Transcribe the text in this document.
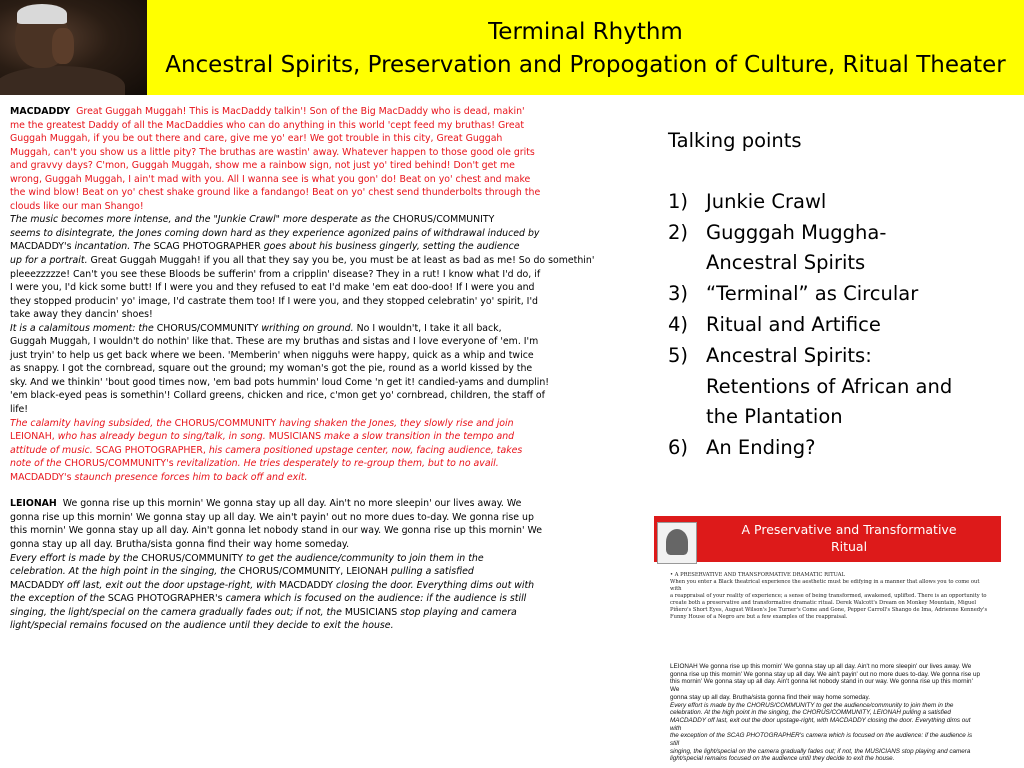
Terminal Rhythm
Ancestral Spirits, Preservation and Propogation of Culture, Ritual Theater

MACDADDY Great Guggah Muggah! This is MacDaddy talkin'! Son of the Big MacDaddy who is dead, makin'

me the greatest Daddy of all the MacDaddies who can do anything in this world 'cept feed my bruthas! Great

Guggah Muggah, if you be out there and care, give me yo' ear! We got trouble in this city, Great Guggah

Muggah, can't you show us a little pity? The bruthas are wastin' away. Whatever happen to those good ole grits

and gravvy days? C'mon, Guggah Muggah, show me a rainbow sign, not just yo' tired behind! Don't get me

wrong, Guggah Muggah, I ain't mad with you. All I wanna see is what you gon' do! Beat on yo' chest and make

the wind blow! Beat on yo' chest shake ground like a fandango! Beat on yo' chest send thunderbolts through the

clouds like our man Shango!

The music becomes more intense, and the "Junkie Crawl" more desperate as the CHORUS/COMMUNITY

seems to disintegrate, the Jones coming down hard as they experience agonized pains of withdrawal induced by

MACDADDY's incantation. The SCAG PHOTOGRAPHER goes about his business gingerly, setting the audience

up for a portrait. Great Guggah Muggah! if you all that they say you be, you must be at least as bad as me! So do somethin'

pleeezzzzze! Can't you see these Bloods be sufferin' from a cripplin' disease? They in a rut! I know what I'd do, if

I were you, I'd kick some butt! If I were you and they refused to eat I'd make 'em eat doo-doo! If I were you and

they stopped producin' yo' image, I'd castrate them too! If I were you, and they stopped celebratin' yo' spirit, I'd

take away they dancin' shoes!

It is a calamitous moment: the CHORUS/COMMUNITY writhing on ground. No I wouldn't, I take it all back,

Guggah Muggah, I wouldn't do nothin' like that. These are my bruthas and sistas and I love everyone of 'em. I'm

just tryin' to help us get back where we been. 'Memberin' when nigguhs were happy, quick as a whip and twice

as snappy. I got the cornbread, square out the ground; my woman's got the pie, round as a world kissed by the

sky. And we thinkin' 'bout good times now, 'em bad pots hummin' loud Come 'n get it! candied-yams and dumplin!

'em black-eyed peas is somethin'! Collard greens, chicken and rice, c'mon get yo' cornbread, children, the staff of

life!

The calamity having subsided, the CHORUS/COMMUNITY having shaken the Jones, they slowly rise and join

LEIONAH, who has already begun to sing/talk, in song. MUSICIANS make a slow transition in the tempo and

attitude of music. SCAG PHOTOGRAPHER, his camera positioned upstage center, now, facing audience, takes

note of the CHORUS/COMMUNITY's revitalization. He tries desperately to re-group them, but to no avail.

MACDADDY's staunch presence forces him to back off and exit.

LEIONAH We gonna rise up this mornin' We gonna stay up all day. Ain't no more sleepin' our lives away. We

gonna rise up this mornin' We gonna stay up all day. We ain't payin' out no more dues to-day. We gonna rise up

this mornin' We gonna stay up all day. Ain't gonna let nobody stand in our way. We gonna rise up this mornin' We

gonna stay up all day. Brutha/sista gonna find their way home someday.

Every effort is made by the CHORUS/COMMUNITY to get the audience/community to join them in the

celebration. At the high point in the singing, the CHORUS/COMMUNITY, LEIONAH pulling a satisfied

MACDADDY off last, exit out the door upstage-right, with MACDADDY closing the door. Everything dims out with

the exception of the SCAG PHOTOGRAPHER's camera which is focused on the audience: if the audience is still

singing, the light/special on the camera gradually fades out; if not, the MUSICIANS stop playing and camera

light/special remains focused on the audience until they decide to exit the house.

Talking points
1) Junkie Crawl
2) Gugggah Muggha-
Ancestral Spirits
3) “Terminal” as Circular
4) Ritual and Artifice
5) Ancestral Spirits:
Retentions of African and
the Plantation
6) An Ending?
A Preservative and Transformative
Ritual

• A PRESERVATIVE AND TRANSFORMATIVE DRAMATIC RITUAL

When you enter a Black theatrical experience the aesthetic must be edifying in a manner that allows you to come out with

a reappraisal of your reality of experience; a sense of being transformed, awakened, uplifted. There is an opportunity to

create both a preservative and transformative dramatic ritual. Derek Walcott's Dream on Monkey Mountain, Miguel

Piñero's Short Eyes, August Wilson's Joe Turner's Come and Gone, Pepper Carroll's Shango de Ima, Adrienne Kennedy's

Funny House of a Negro are but a few examples of the reappraisal.

LEIONAH We gonna rise up this mornin' We gonna stay up all day. Ain't no more sleepin' our lives away. We

gonna rise up this mornin' We gonna stay up all day. We ain't payin' out no more dues to-day. We gonna rise up

this mornin' We gonna stay up all day. Ain't gonna let nobody stand in our way. We gonna rise up this mornin'

We

gonna stay up all day. Brutha/sista gonna find their way home someday.

Every effort is made by the CHORUS/COMMUNITY to get the audience/community to join them in the

celebration. At the high point in the singing, the CHORUS/COMMUNITY, LEIONAH pulling a satisfied

MACDADDY off last, exit out the door upstage-right, with MACDADDY closing the door. Everything dims out

with

the exception of the SCAG PHOTOGRAPHER's camera which is focused on the audience: if the audience is

still

singing, the light/special on the camera gradually fades out; if not, the MUSICIANS stop playing and camera

light/special remains focused on the audience until they decide to exit the house.
